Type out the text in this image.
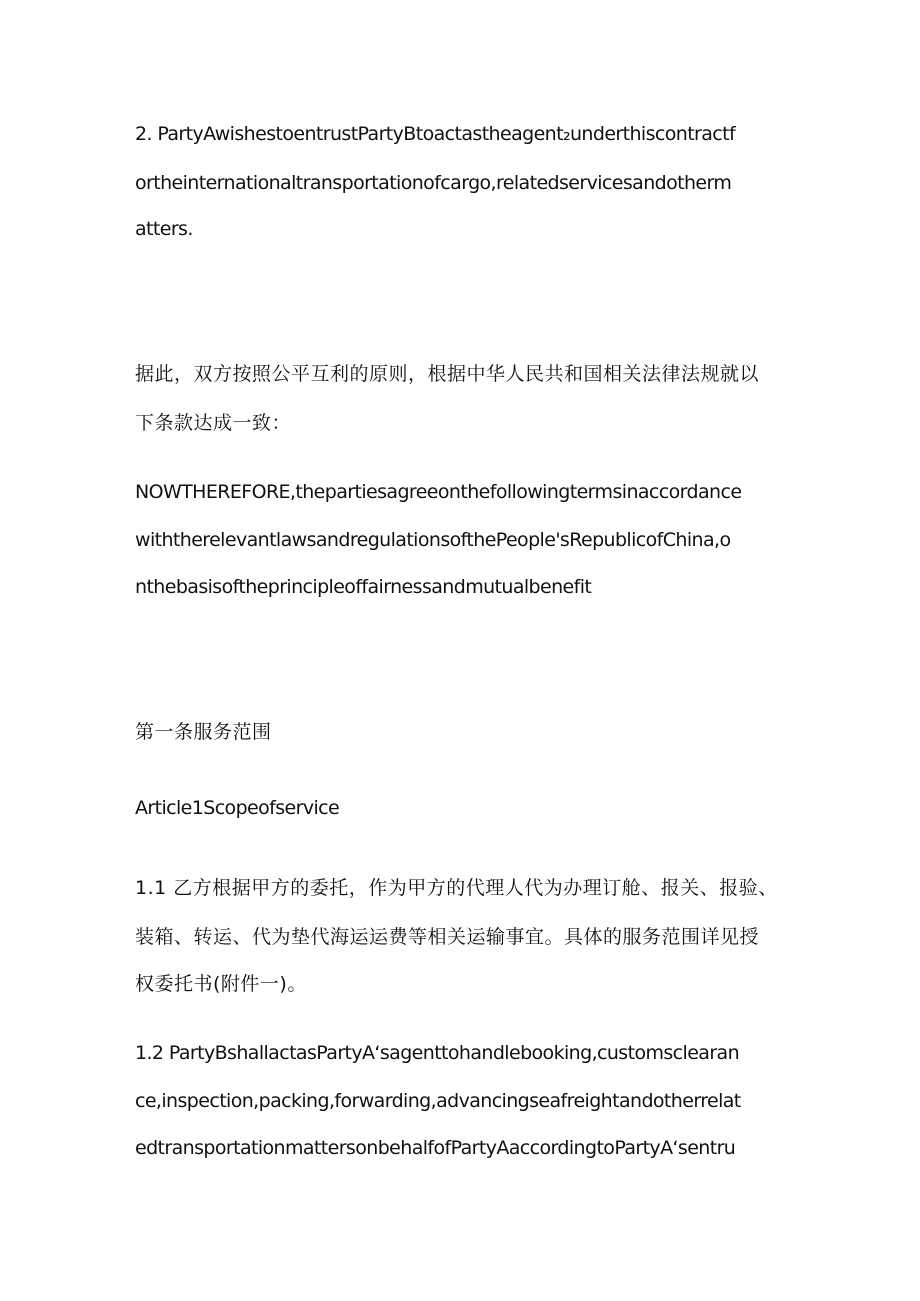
2. PartyAwishestoentrustPartyBtoactastheagent₂underthiscontractf
ortheinternationaltransportationofcargo,relatedservicesandotherm
atters.
据此，双方按照公平互利的原则，根据中华人民共和国相关法律法规就以
下条款达成一致：
NOWTHEREFORE,thepartiesagreeonthefollowingtermsinaccordance
withtherelevantlawsandregulationsofthePeople'sRepublicofChina,o
nthebasisoftheprincipleoffairnessandmutualbenefit
第一条服务范围
Article1Scopeofservice
1.1 乙方根据甲方的委托，作为甲方的代理人代为办理订舱、报关、报验、
装箱、转运、代为垫代海运运费等相关运输事宜。具体的服务范围详见授
权委托书(附件一)。
1.2 PartyBshallactasPartyAʻsagenttohandlebooking,customsclearan
ce,inspection,packing,forwarding,advancingseafreightandotherrelat
edtransportationmattersonbehalfofPartyAaccordingtoPartyAʻsentru
